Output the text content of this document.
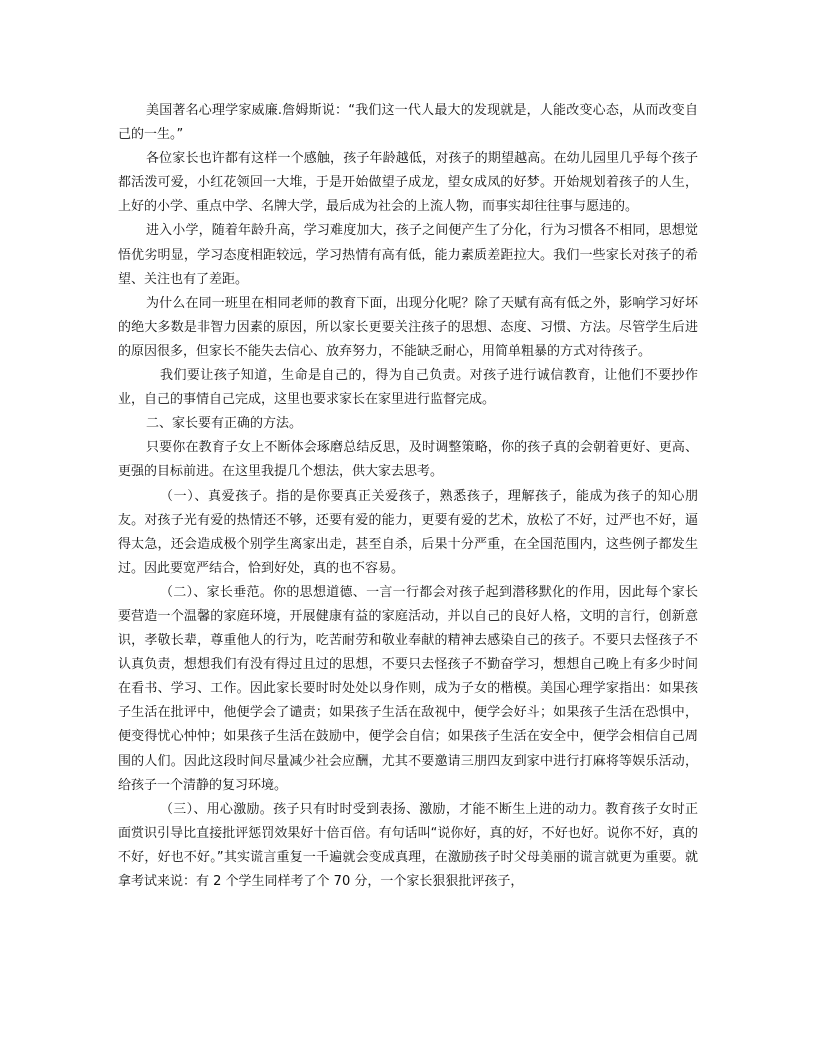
美国著名心理学家威廉.詹姆斯说：“我们这一代人最大的发现就是，人能改变心态，从而改变自己的一生。”

各位家长也许都有这样一个感触，孩子年龄越低，对孩子的期望越高。在幼儿园里几乎每个孩子都活泼可爱，小红花领回一大堆，于是开始做望子成龙，望女成凤的好梦。开始规划着孩子的人生，上好的小学、重点中学、名牌大学，最后成为社会的上流人物，而事实却往往事与愿违的。

进入小学，随着年龄升高，学习难度加大，孩子之间便产生了分化，行为习惯各不相同，思想觉悟优劣明显，学习态度相距较远，学习热情有高有低，能力素质差距拉大。我们一些家长对孩子的希望、关注也有了差距。

为什么在同一班里在相同老师的教育下面，出现分化呢？除了天赋有高有低之外，影响学习好坏的绝大多数是非智力因素的原因，所以家长更要关注孩子的思想、态度、习惯、方法。尽管学生后进的原因很多，但家长不能失去信心、放弃努力，不能缺乏耐心，用简单粗暴的方式对待孩子。

我们要让孩子知道，生命是自己的，得为自己负责。对孩子进行诚信教育，让他们不要抄作业，自己的事情自己完成，这里也要求家长在家里进行监督完成。

二、家长要有正确的方法。

只要你在教育子女上不断体会琢磨总结反思，及时调整策略，你的孩子真的会朝着更好、更高、更强的目标前进。在这里我提几个想法，供大家去思考。

（一）、真爱孩子。指的是你要真正关爱孩子，熟悉孩子，理解孩子，能成为孩子的知心朋友。对孩子光有爱的热情还不够，还要有爱的能力，更要有爱的艺术，放松了不好，过严也不好，逼得太急，还会造成极个别学生离家出走，甚至自杀，后果十分严重，在全国范围内，这些例子都发生过。因此要宽严结合，恰到好处，真的也不容易。

（二）、家长垂范。你的思想道德、一言一行都会对孩子起到潜移默化的作用，因此每个家长要营造一个温馨的家庭环境，开展健康有益的家庭活动，并以自己的良好人格，文明的言行，创新意识，孝敬长辈，尊重他人的行为，吃苦耐劳和敬业奉献的精神去感染自己的孩子。不要只去怪孩子不认真负责，想想我们有没有得过且过的思想，不要只去怪孩子不勤奋学习，想想自己晚上有多少时间在看书、学习、工作。因此家长要时时处处以身作则，成为子女的楷模。美国心理学家指出：如果孩子生活在批评中，他便学会了谴责；如果孩子生活在敌视中，便学会好斗；如果孩子生活在恐惧中，便变得忧心忡忡；如果孩子生活在鼓励中，便学会自信；如果孩子生活在安全中，便学会相信自己周围的人们。因此这段时间尽量减少社会应酬，尤其不要邀请三朋四友到家中进行打麻将等娱乐活动，给孩子一个清静的复习环境。

（三）、用心激励。孩子只有时时受到表扬、激励，才能不断生上进的动力。教育孩子女时正面赏识引导比直接批评惩罚效果好十倍百倍。有句话叫“说你好，真的好，不好也好。说你不好，真的不好，好也不好。”其实谎言重复一千遍就会变成真理，在激励孩子时父母美丽的谎言就更为重要。就拿考试来说：有 2 个学生同样考了个 70 分，一个家长狠狠批评孩子，
